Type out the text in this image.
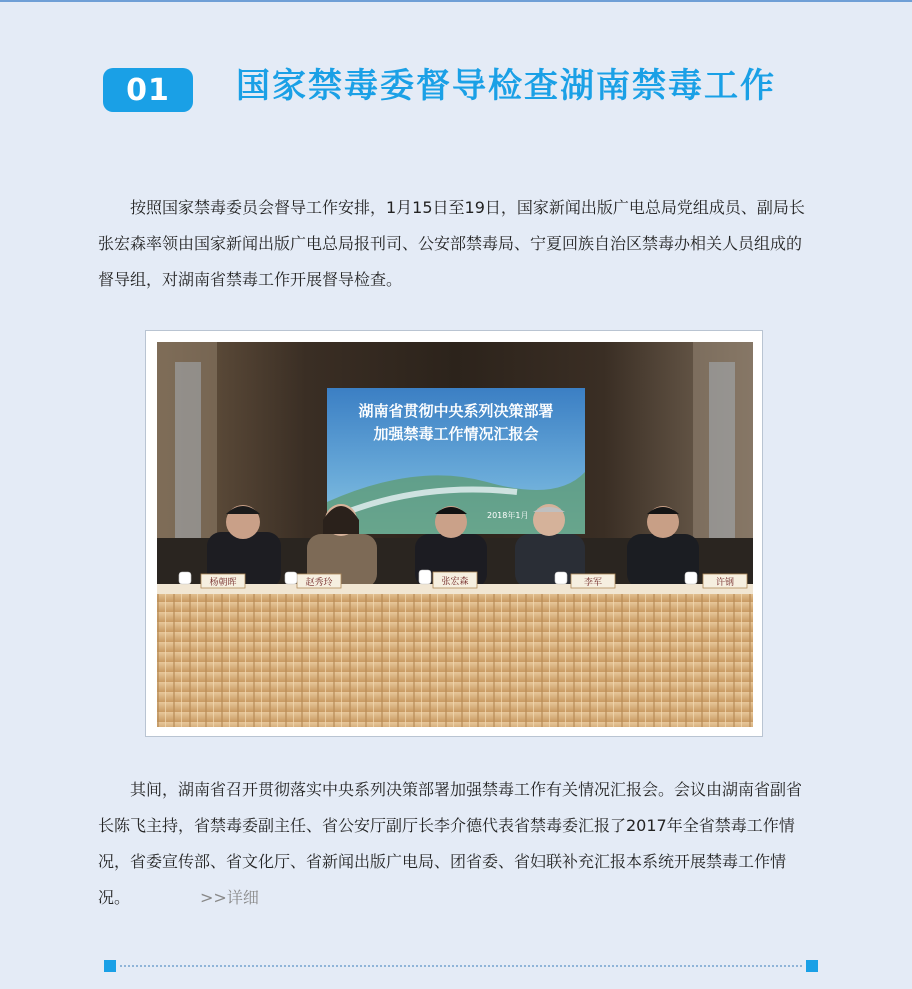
01	国家禁毒委督导检查湖南禁毒工作

按照国家禁毒委员会督导工作安排，1月15日至19日，国家新闻出版广电总局党组成员、副局长张宏森率领由国家新闻出版广电总局报刊司、公安部禁毒局、宁夏回族自治区禁毒办相关人员组成的督导组，对湖南省禁毒工作开展督导检查。

湖南省贯彻中央系列决策部署
加强禁毒工作情况汇报会
2018年1月
杨朝晖	赵秀玲	张宏森	李军	许钢

其间，湖南省召开贯彻落实中央系列决策部署加强禁毒工作有关情况汇报会。会议由湖南省副省长陈飞主持，省禁毒委副主任、省公安厅副厅长李介德代表省禁毒委汇报了2017年全省禁毒工作情况，省委宣传部、省文化厅、省新闻出版广电局、团省委、省妇联补充汇报本系统开展禁毒工作情况。	>>详细
